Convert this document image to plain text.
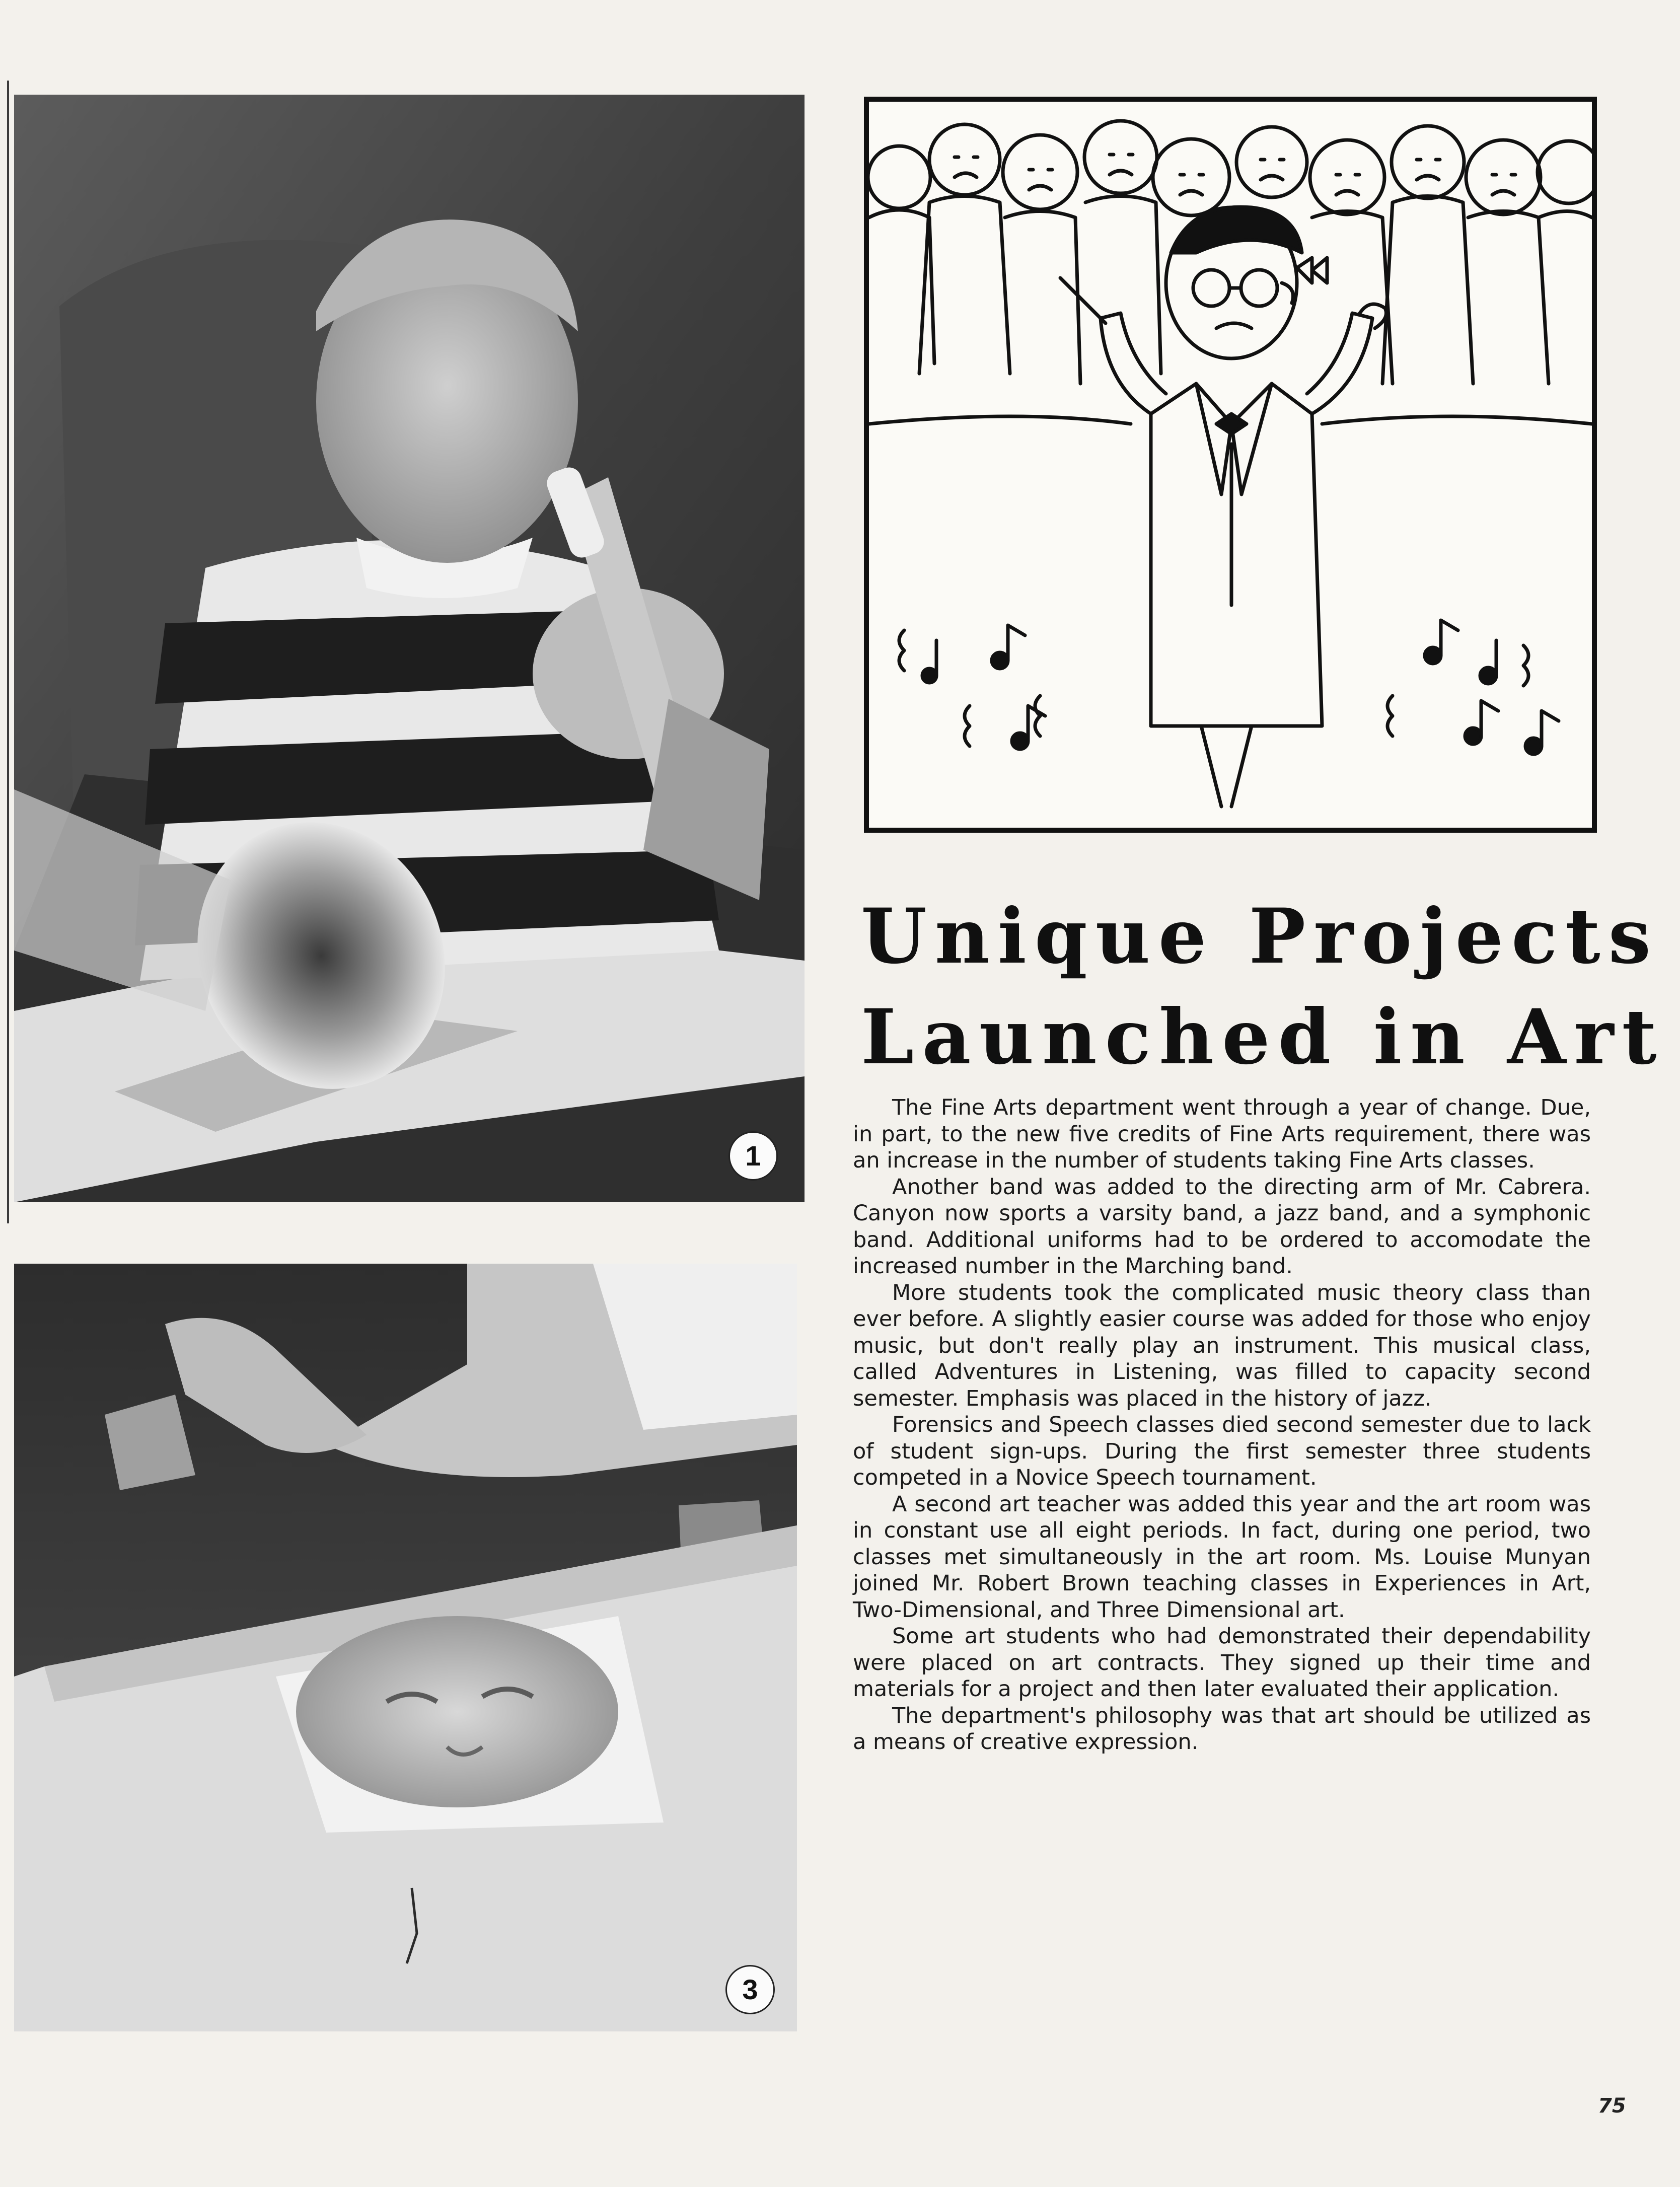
1
3
Unique Projects
Launched in Art

The Fine Arts department went through a year of change. Due, in part, to the new five credits of Fine Arts requirement, there was an increase in the number of students taking Fine Arts classes.

Another band was added to the directing arm of Mr. Cabrera. Canyon now sports a varsity band, a jazz band, and a symphonic band. Additional uniforms had to be ordered to accomodate the increased number in the Marching band.

More students took the complicated music theory class than ever before. A slightly easier course was added for those who enjoy music, but don't really play an instrument. This musical class, called Adventures in Listening, was filled to capacity second semester. Emphasis was placed in the history of jazz.

Forensics and Speech classes died second semester due to lack of student sign-ups. During the first semester three students competed in a Novice Speech tournament.

A second art teacher was added this year and the art room was in constant use all eight periods. In fact, during one period, two classes met simultaneously in the art room. Ms. Louise Munyan joined Mr. Robert Brown teaching classes in Experiences in Art, Two-Dimensional, and Three Dimensional art.

Some art students who had demonstrated their dependability were placed on art contracts. They signed up their time and materials for a project and then later evaluated their application.

The department's philosophy was that art should be utilized as a means of creative expression.

75
